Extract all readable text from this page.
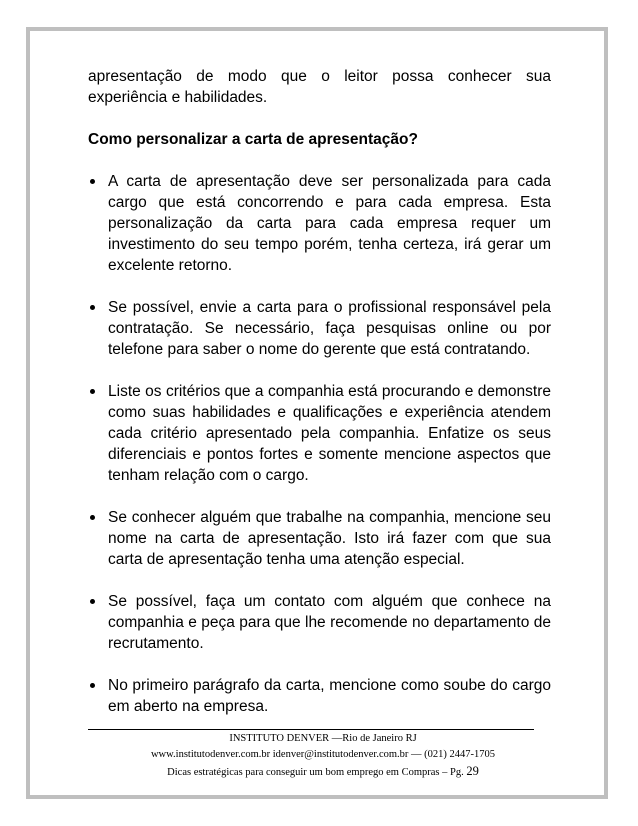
apresentação de modo que o leitor possa conhecer sua experiência e habilidades.

Como personalizar a carta de apresentação?

A carta de apresentação deve ser personalizada para cada cargo que está concorrendo e para cada empresa. Esta personalização da carta para cada empresa requer um investimento do seu tempo porém, tenha certeza, irá gerar um excelente retorno.
Se possível, envie a carta para o profissional responsável pela contratação. Se necessário, faça pesquisas online ou por telefone para saber o nome do gerente que está contratando.
Liste os critérios que a companhia está procurando e demonstre como suas habilidades e qualificações e experiência atendem cada critério apresentado pela companhia. Enfatize os seus diferenciais e pontos fortes e somente mencione aspectos que tenham relação com o cargo.
Se conhecer alguém que trabalhe na companhia, mencione seu nome na carta de apresentação. Isto irá fazer com que sua carta de apresentação tenha uma atenção especial.
Se possível, faça um contato com alguém que conhece na companhia e peça para que lhe recomende no departamento de recrutamento.
No primeiro parágrafo da carta, mencione como soube do cargo em aberto na empresa.
INSTITUTO DENVER —Rio de Janeiro RJ
www.institutodenver.com.br idenver@institutodenver.com.br — (021) 2447-1705
Dicas estratégicas para conseguir um bom emprego em Compras – Pg. 29
